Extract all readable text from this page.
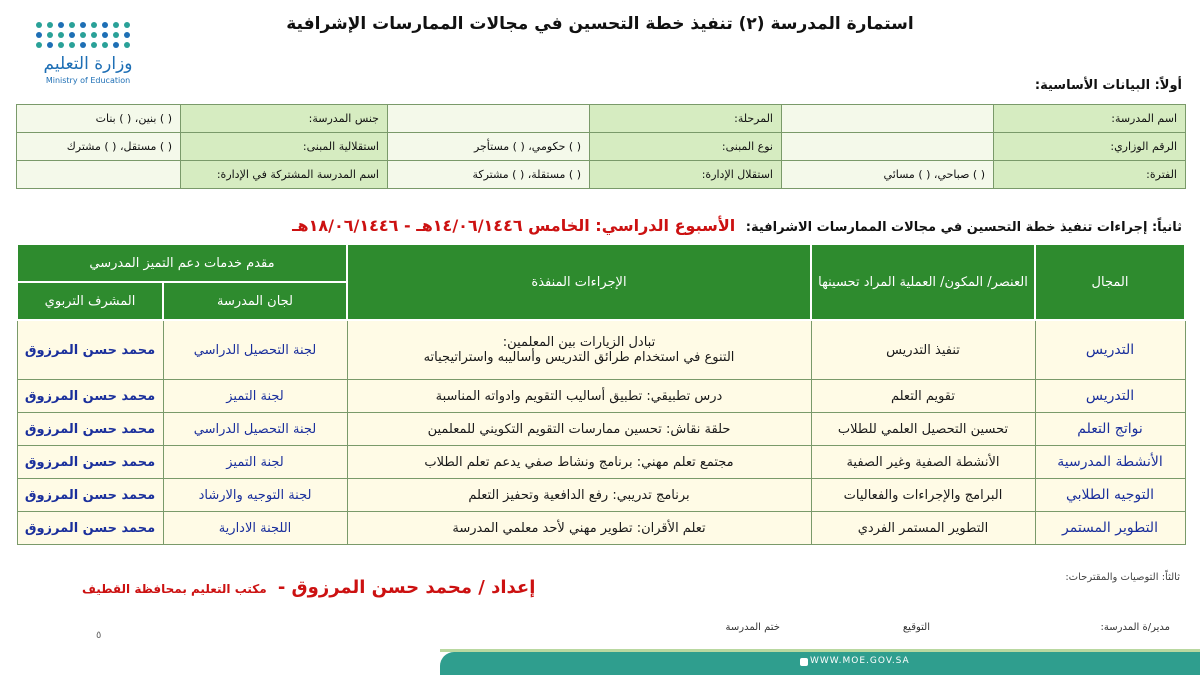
وزارة التعليم
Ministry of Education
استمارة المدرسة (٢) تنفيذ خطة التحسين في مجالات الممارسات الإشرافية
أولاً: البيانات الأساسية:
اسم المدرسة:		المرحلة:		جنس المدرسة:	( ) بنين، ( ) بنات
الرقم الوزاري:		نوع المبنى:	( ) حكومي، ( ) مستأجر	استقلالية المبنى:	( ) مستقل، ( ) مشترك
الفترة:	( ) صباحي، ( ) مسائي	استقلال الإدارة:	( ) مستقلة، ( ) مشتركة	اسم المدرسة المشتركة في الإدارة:	
ثانياً: إجراءات تنفيذ خطة التحسين في مجالات الممارسات الاشرافية: الأسبوع الدراسي: الخامس ١٤/٠٦/١٤٤٦هـ - ١٨/٠٦/١٤٤٦هـ
المجال	العنصر/ المكون/ العملية المراد تحسينها	الإجراءات المنفذة	مقدم خدمات دعم التميز المدرسي	
			لجان المدرسة	المشرف التربوي
التدريس	تنفيذ التدريس	تبادل الزيارات بين المعلمين:
التنوع في استخدام طرائق التدريس وأساليبه واستراتيجياته	لجنة التحصيل الدراسي	محمد حسن المرزوق
التدريس	تقويم التعلم	درس تطبيقي: تطبيق أساليب التقويم وادواته المناسبة	لجنة التميز	محمد حسن المرزوق
نواتج التعلم	تحسين التحصيل العلمي للطلاب	حلقة نقاش: تحسين ممارسات التقويم التكويني للمعلمين	لجنة التحصيل الدراسي	محمد حسن المرزوق
الأنشطة المدرسية	الأنشطة الصفية وغير الصفية	مجتمع تعلم مهني: برنامج ونشاط صفي يدعم تعلم الطلاب	لجنة التميز	محمد حسن المرزوق
التوجيه الطلابي	البرامج والإجراءات والفعاليات	برنامج تدريبي: رفع الدافعية وتحفيز التعلم	لجنة التوجيه والارشاد	محمد حسن المرزوق
التطوير المستمر	التطوير المستمر الفردي	تعلم الأقران: تطوير مهني لأحد معلمي المدرسة	اللجنة الادارية	محمد حسن المرزوق
ثالثاً: التوصيات والمقترحات:
إعداد / محمد حسن المرزوق - مكتب التعليم بمحافظة القطيف
٥
مدير/ة المدرسة:
التوقيع
ختم المدرسة
WWW.MOE.GOV.SA
